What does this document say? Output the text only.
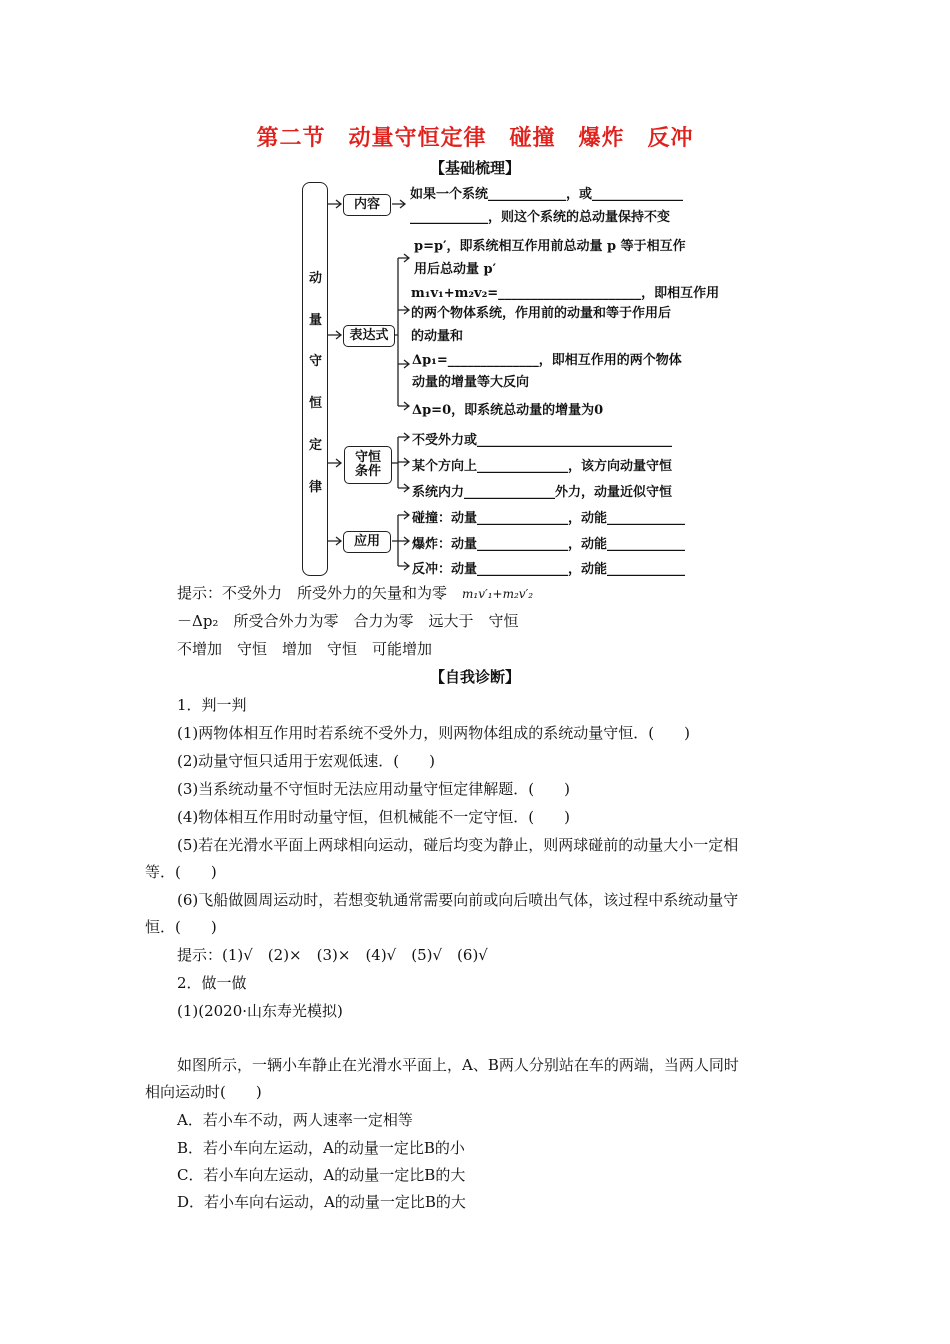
第二节　动量守恒定律　碰撞　爆炸　反冲
【基础梳理】
动
量
守
恒
定
律
内容
表达式
守恒
条件
应用
如果一个系统____________，或______________
____________，则这个系统的总动量保持不变
p=p′，即系统相互作用前总动量 p 等于相互作
用后总动量 p′
m₁v₁+m₂v₂=______________________，即相互作用
的两个物体系统，作用前的动量和等于作用后
的动量和
Δp₁=______________，即相互作用的两个物体
动量的增量等大反向
Δp=0，即系统总动量的增量为0
不受外力或______________________________
某个方向上______________，该方向动量守恒
系统内力______________外力，动量近似守恒
碰撞：动量______________，动能____________
爆炸：动量______________，动能____________
反冲：动量______________，动能____________
提示：不受外力　所受外力的矢量和为零　m₁v′₁+m₂v′₂
－Δp₂　所受合外力为零　合力为零　远大于　守恒
不增加　守恒　增加　守恒　可能增加
【自我诊断】
1．判一判
(1)两物体相互作用时若系统不受外力，则两物体组成的系统动量守恒．(　　)
(2)动量守恒只适用于宏观低速．(　　)
(3)当系统动量不守恒时无法应用动量守恒定律解题．(　　)
(4)物体相互作用时动量守恒，但机械能不一定守恒．(　　)
(5)若在光滑水平面上两球相向运动，碰后均变为静止，则两球碰前的动量大小一定相
等．(　　)
(6)飞船做圆周运动时，若想变轨通常需要向前或向后喷出气体，该过程中系统动量守
恒．(　　)
提示：(1)√　(2)×　(3)×　(4)√　(5)√　(6)√
2．做一做
(1)(2020·山东寿光模拟)
如图所示，一辆小车静止在光滑水平面上，A、B两人分别站在车的两端，当两人同时
相向运动时(　　)
A．若小车不动，两人速率一定相等
B．若小车向左运动，A的动量一定比B的小
C．若小车向左运动，A的动量一定比B的大
D．若小车向右运动，A的动量一定比B的大
